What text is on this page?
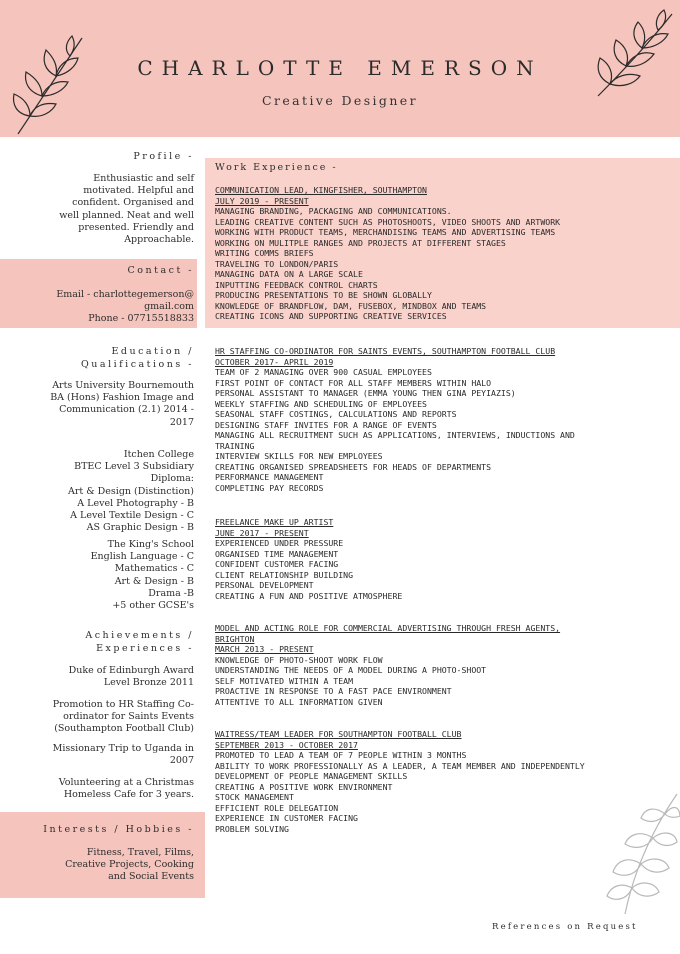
CHARLOTTE EMERSON
Creative Designer
Profile -
Enthusiastic and self
motivated. Helpful and
confident. Organised and
well planned. Neat and well
presented. Friendly and
Approachable.
Contact -
Email - charlottegemerson@
gmail.com
Phone - 07715518833
Education /
Qualifications -
Arts University Bournemouth
BA (Hons) Fashion Image and
Communication (2.1) 2014 -
2017
Itchen College
BTEC Level 3 Subsidiary
Diploma:
Art & Design (Distinction)
A Level Photography - B
A Level Textile Design - C
AS Graphic Design - B
The King's School
English Language - C
Mathematics - C
Art & Design - B
Drama -B
+5 other GCSE's
Achievements /
Experiences -
Duke of Edinburgh Award
Level Bronze 2011
Promotion to HR Staffing Co-
ordinator for Saints Events
(Southampton Football Club)
Missionary Trip to Uganda in
2007
Volunteering at a Christmas
Homeless Cafe for 3 years.
Interests / Hobbies -
Fitness, Travel, Films,
Creative Projects, Cooking
and Social Events
Work Experience -
COMMUNICATION LEAD, KINGFISHER, SOUTHAMPTON
JULY 2019 - PRESENT
MANAGING BRANDING, PACKAGING AND COMMUNICATIONS.
LEADING CREATIVE CONTENT SUCH AS PHOTOSHOOTS, VIDEO SHOOTS AND ARTWORK
WORKING WITH PRODUCT TEAMS, MERCHANDISING TEAMS AND ADVERTISING TEAMS
WORKING ON MULITPLE RANGES AND PROJECTS AT DIFFERENT STAGES
WRITING COMMS BRIEFS
TRAVELING TO LONDON/PARIS
MANAGING DATA ON A LARGE SCALE
INPUTTING FEEDBACK CONTROL CHARTS
PRODUCING PRESENTATIONS TO BE SHOWN GLOBALLY
KNOWLEDGE OF BRANDFLOW, DAM, FUSEBOX, MINDBOX AND TEAMS
CREATING ICONS AND SUPPORTING CREATIVE SERVICES
HR STAFFING CO-ORDINATOR FOR SAINTS EVENTS, SOUTHAMPTON FOOTBALL CLUB
OCTOBER 2017- APRIL 2019
TEAM OF 2 MANAGING OVER 900 CASUAL EMPLOYEES
FIRST POINT OF CONTACT FOR ALL STAFF MEMBERS WITHIN HALO
PERSONAL ASSISTANT TO MANAGER (EMMA YOUNG THEN GINA PEYIAZIS)
WEEKLY STAFFING AND SCHEDULING OF EMPLOYEES
SEASONAL STAFF COSTINGS, CALCULATIONS AND REPORTS
DESIGNING STAFF INVITES FOR A RANGE OF EVENTS
MANAGING ALL RECRUITMENT SUCH AS APPLICATIONS, INTERVIEWS, INDUCTIONS AND
TRAINING
INTERVIEW SKILLS FOR NEW EMPLOYEES
CREATING ORGANISED SPREADSHEETS FOR HEADS OF DEPARTMENTS
PERFORMANCE MANAGEMENT
COMPLETING PAY RECORDS
FREELANCE MAKE UP ARTIST
JUNE 2017 - PRESENT
EXPERIENCED UNDER PRESSURE
ORGANISED TIME MANAGEMENT
CONFIDENT CUSTOMER FACING
CLIENT RELATIONSHIP BUILDING
PERSONAL DEVELOPMENT
CREATING A FUN AND POSITIVE ATMOSPHERE
MODEL AND ACTING ROLE FOR COMMERCIAL ADVERTISING THROUGH FRESH AGENTS,
BRIGHTON
MARCH 2013 - PRESENT
KNOWLEDGE OF PHOTO-SHOOT WORK FLOW
UNDERSTANDING THE NEEDS OF A MODEL DURING A PHOTO-SHOOT
SELF MOTIVATED WITHIN A TEAM
PROACTIVE IN RESPONSE TO A FAST PACE ENVIRONMENT
ATTENTIVE TO ALL INFORMATION GIVEN
WAITRESS/TEAM LEADER FOR SOUTHAMPTON FOOTBALL CLUB
SEPTEMBER 2013 - OCTOBER 2017
PROMOTED TO LEAD A TEAM OF 7 PEOPLE WITHIN 3 MONTHS
ABILITY TO WORK PROFESSIONALLY AS A LEADER, A TEAM MEMBER AND INDEPENDENTLY
DEVELOPMENT OF PEOPLE MANAGEMENT SKILLS
CREATING A POSITIVE WORK ENVIRONMENT
STOCK MANAGEMENT
EFFICIENT ROLE DELEGATION
EXPERIENCE IN CUSTOMER FACING
PROBLEM SOLVING
References on Request
